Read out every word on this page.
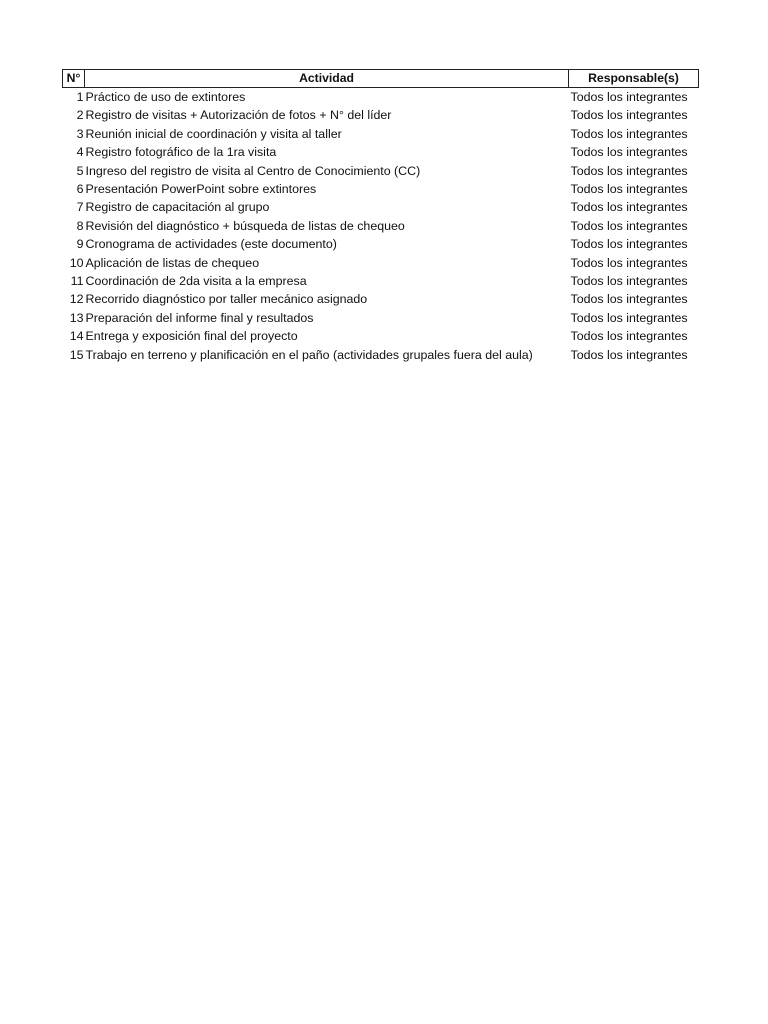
N°	Actividad	Responsable(s)
1	Práctico de uso de extintores	Todos los integrantes
2	Registro de visitas + Autorización de fotos + N° del líder	Todos los integrantes
3	Reunión inicial de coordinación y visita al taller	Todos los integrantes
4	Registro fotográfico de la 1ra visita	Todos los integrantes
5	Ingreso del registro de visita al Centro de Conocimiento (CC)	Todos los integrantes
6	Presentación PowerPoint sobre extintores	Todos los integrantes
7	Registro de capacitación al grupo	Todos los integrantes
8	Revisión del diagnóstico + búsqueda de listas de chequeo	Todos los integrantes
9	Cronograma de actividades (este documento)	Todos los integrantes
10	Aplicación de listas de chequeo	Todos los integrantes
11	Coordinación de 2da visita a la empresa	Todos los integrantes
12	Recorrido diagnóstico por taller mecánico asignado	Todos los integrantes
13	Preparación del informe final y resultados	Todos los integrantes
14	Entrega y exposición final del proyecto	Todos los integrantes
15	Trabajo en terreno y planificación en el paño (actividades grupales fuera del aula)	Todos los integrantes
